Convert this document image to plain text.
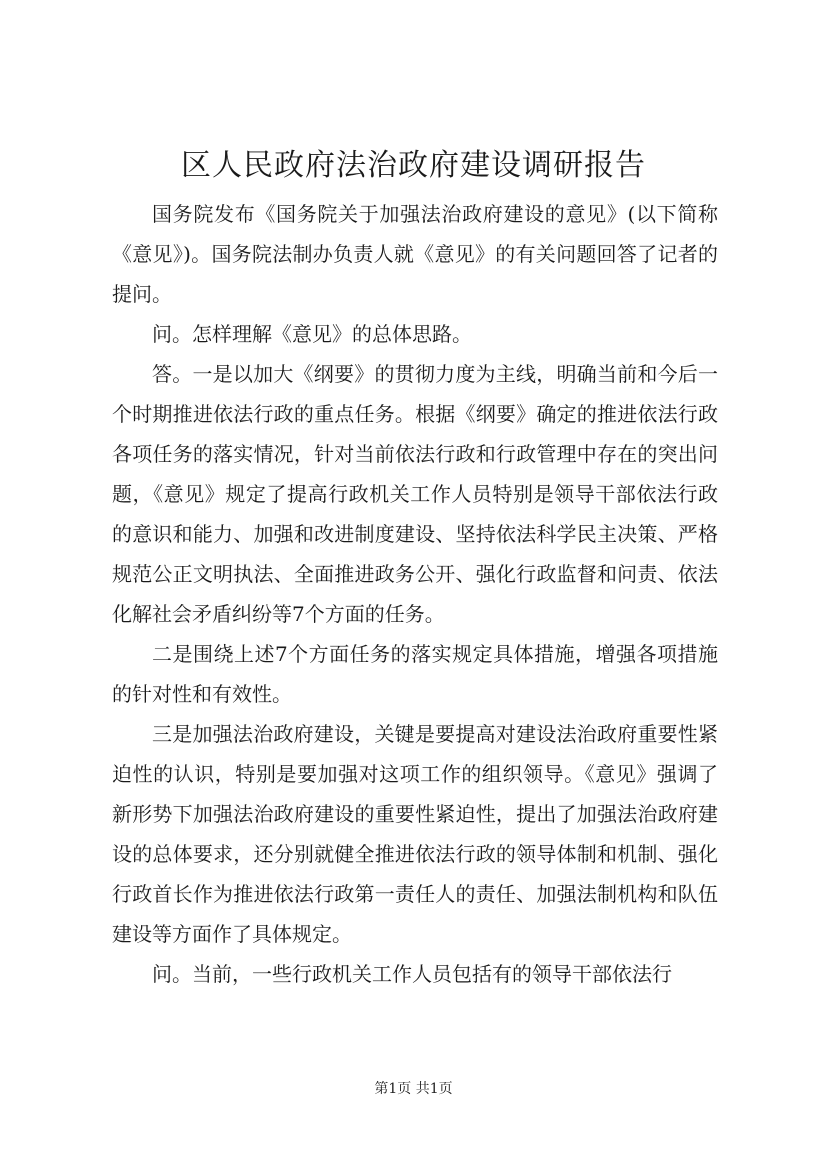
区人民政府法治政府建设调研报告

国务院发布《国务院关于加强法治政府建设的意见》(以下简称《意见》)。国务院法制办负责人就《意见》的有关问题回答了记者的提问。

问。怎样理解《意见》的总体思路。

答。一是以加大《纲要》的贯彻力度为主线，明确当前和今后一个时期推进依法行政的重点任务。根据《纲要》确定的推进依法行政各项任务的落实情况，针对当前依法行政和行政管理中存在的突出问题，《意见》规定了提高行政机关工作人员特别是领导干部依法行政的意识和能力、加强和改进制度建设、坚持依法科学民主决策、严格规范公正文明执法、全面推进政务公开、强化行政监督和问责、依法化解社会矛盾纠纷等7个方面的任务。

二是围绕上述7个方面任务的落实规定具体措施，增强各项措施的针对性和有效性。

三是加强法治政府建设，关键是要提高对建设法治政府重要性紧迫性的认识，特别是要加强对这项工作的组织领导。《意见》强调了新形势下加强法治政府建设的重要性紧迫性，提出了加强法治政府建设的总体要求，还分别就健全推进依法行政的领导体制和机制、强化行政首长作为推进依法行政第一责任人的责任、加强法制机构和队伍建设等方面作了具体规定。

问。当前，一些行政机关工作人员包括有的领导干部依法行

第1页 共1页
